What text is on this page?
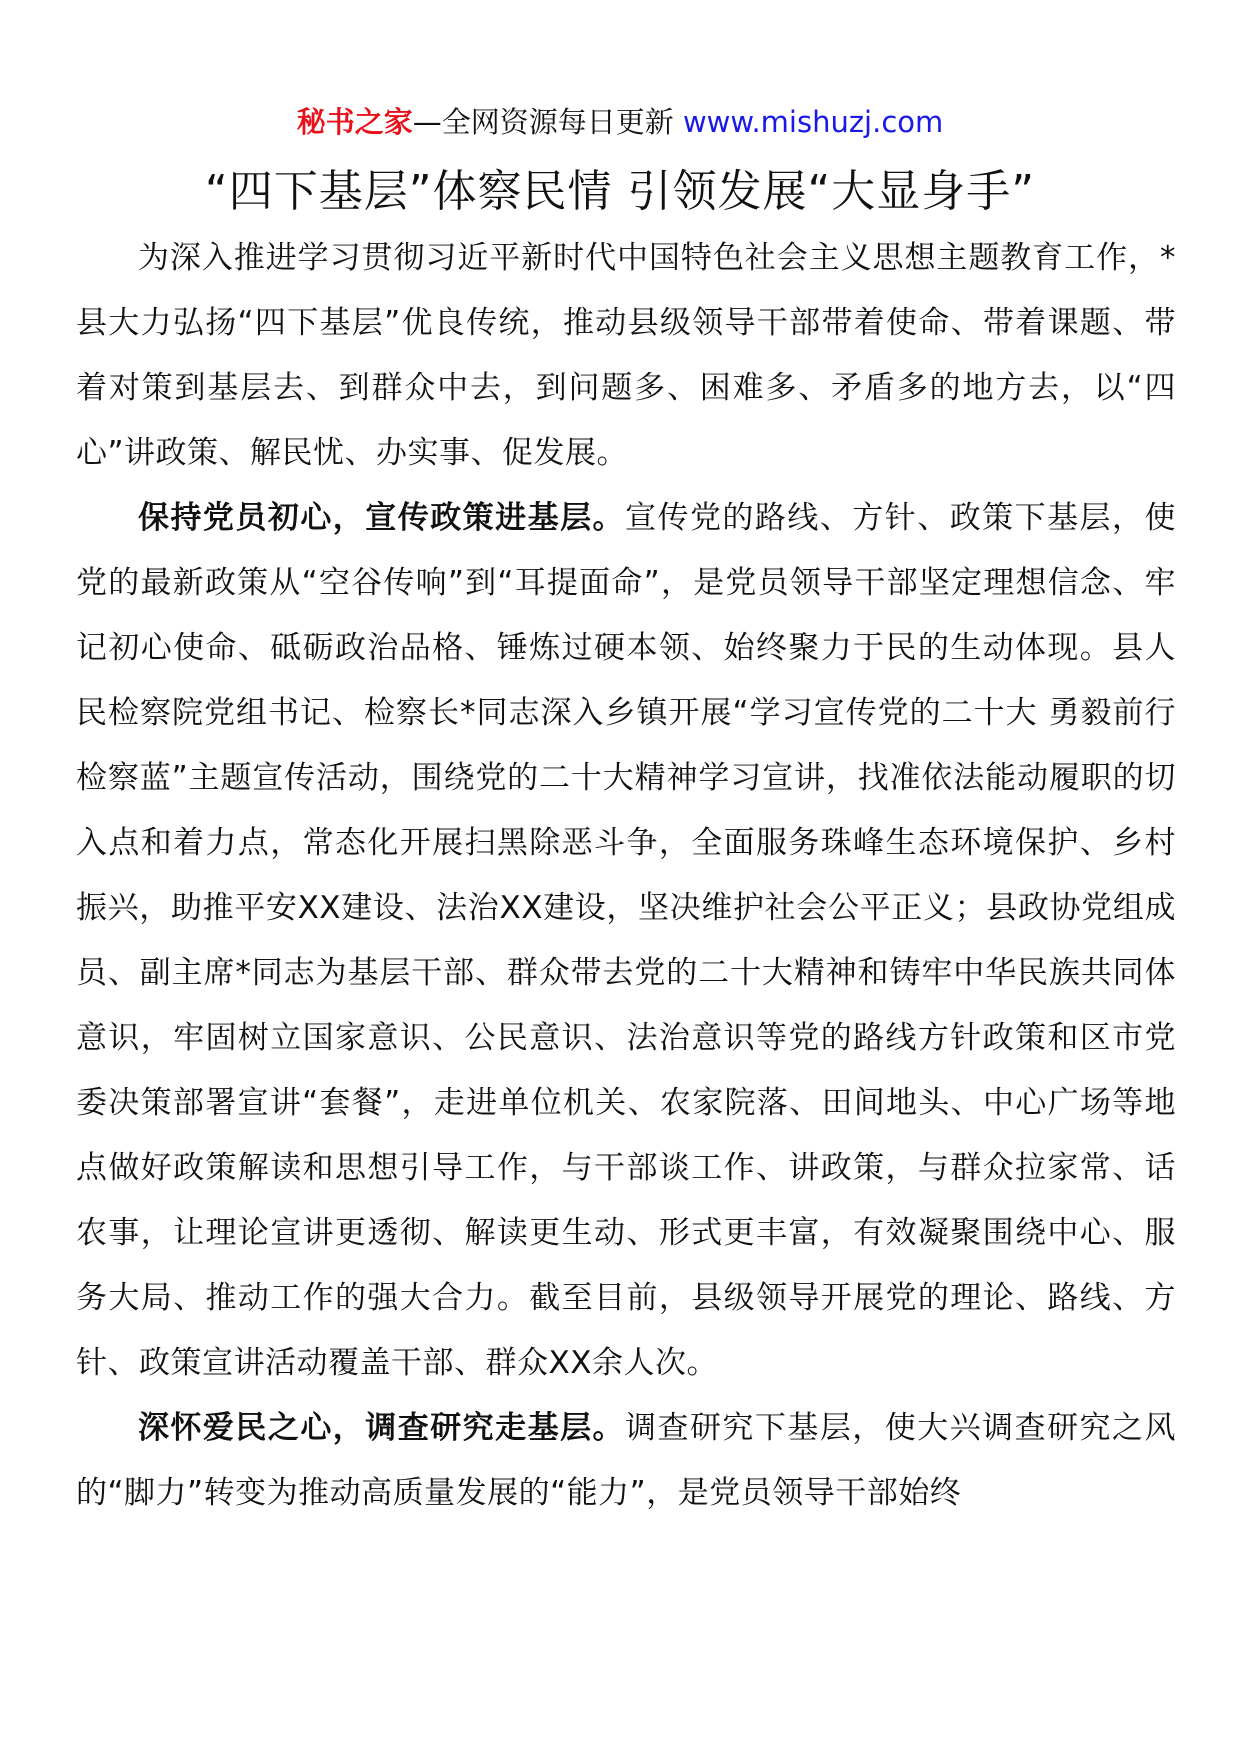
秘书之家—全网资源每日更新 www.mishuzj.com
“四下基层”体察民情 引领发展“大显身手”

为深入推进学习贯彻习近平新时代中国特色社会主义思想主题教育工作，*县大力弘扬“四下基层”优良传统，推动县级领导干部带着使命、带着课题、带着对策到基层去、到群众中去，到问题多、困难多、矛盾多的地方去，以“四心”讲政策、解民忧、办实事、促发展。

保持党员初心，宣传政策进基层。宣传党的路线、方针、政策下基层，使党的最新政策从“空谷传响”到“耳提面命”，是党员领导干部坚定理想信念、牢记初心使命、砥砺政治品格、锤炼过硬本领、始终聚力于民的生动体现。县人民检察院党组书记、检察长*同志深入乡镇开展“学习宣传党的二十大 勇毅前行检察蓝”主题宣传活动，围绕党的二十大精神学习宣讲，找准依法能动履职的切入点和着力点，常态化开展扫黑除恶斗争，全面服务珠峰生态环境保护、乡村振兴，助推平安XX建设、法治XX建设，坚决维护社会公平正义；县政协党组成员、副主席*同志为基层干部、群众带去党的二十大精神和铸牢中华民族共同体意识，牢固树立国家意识、公民意识、法治意识等党的路线方针政策和区市党委决策部署宣讲“套餐”，走进单位机关、农家院落、田间地头、中心广场等地点做好政策解读和思想引导工作，与干部谈工作、讲政策，与群众拉家常、话农事，让理论宣讲更透彻、解读更生动、形式更丰富，有效凝聚围绕中心、服务大局、推动工作的强大合力。截至目前，县级领导开展党的理论、路线、方针、政策宣讲活动覆盖干部、群众XX余人次。

深怀爱民之心，调查研究走基层。调查研究下基层，使大兴调查研究之风的“脚力”转变为推动高质量发展的“能力”，是党员领导干部始终
